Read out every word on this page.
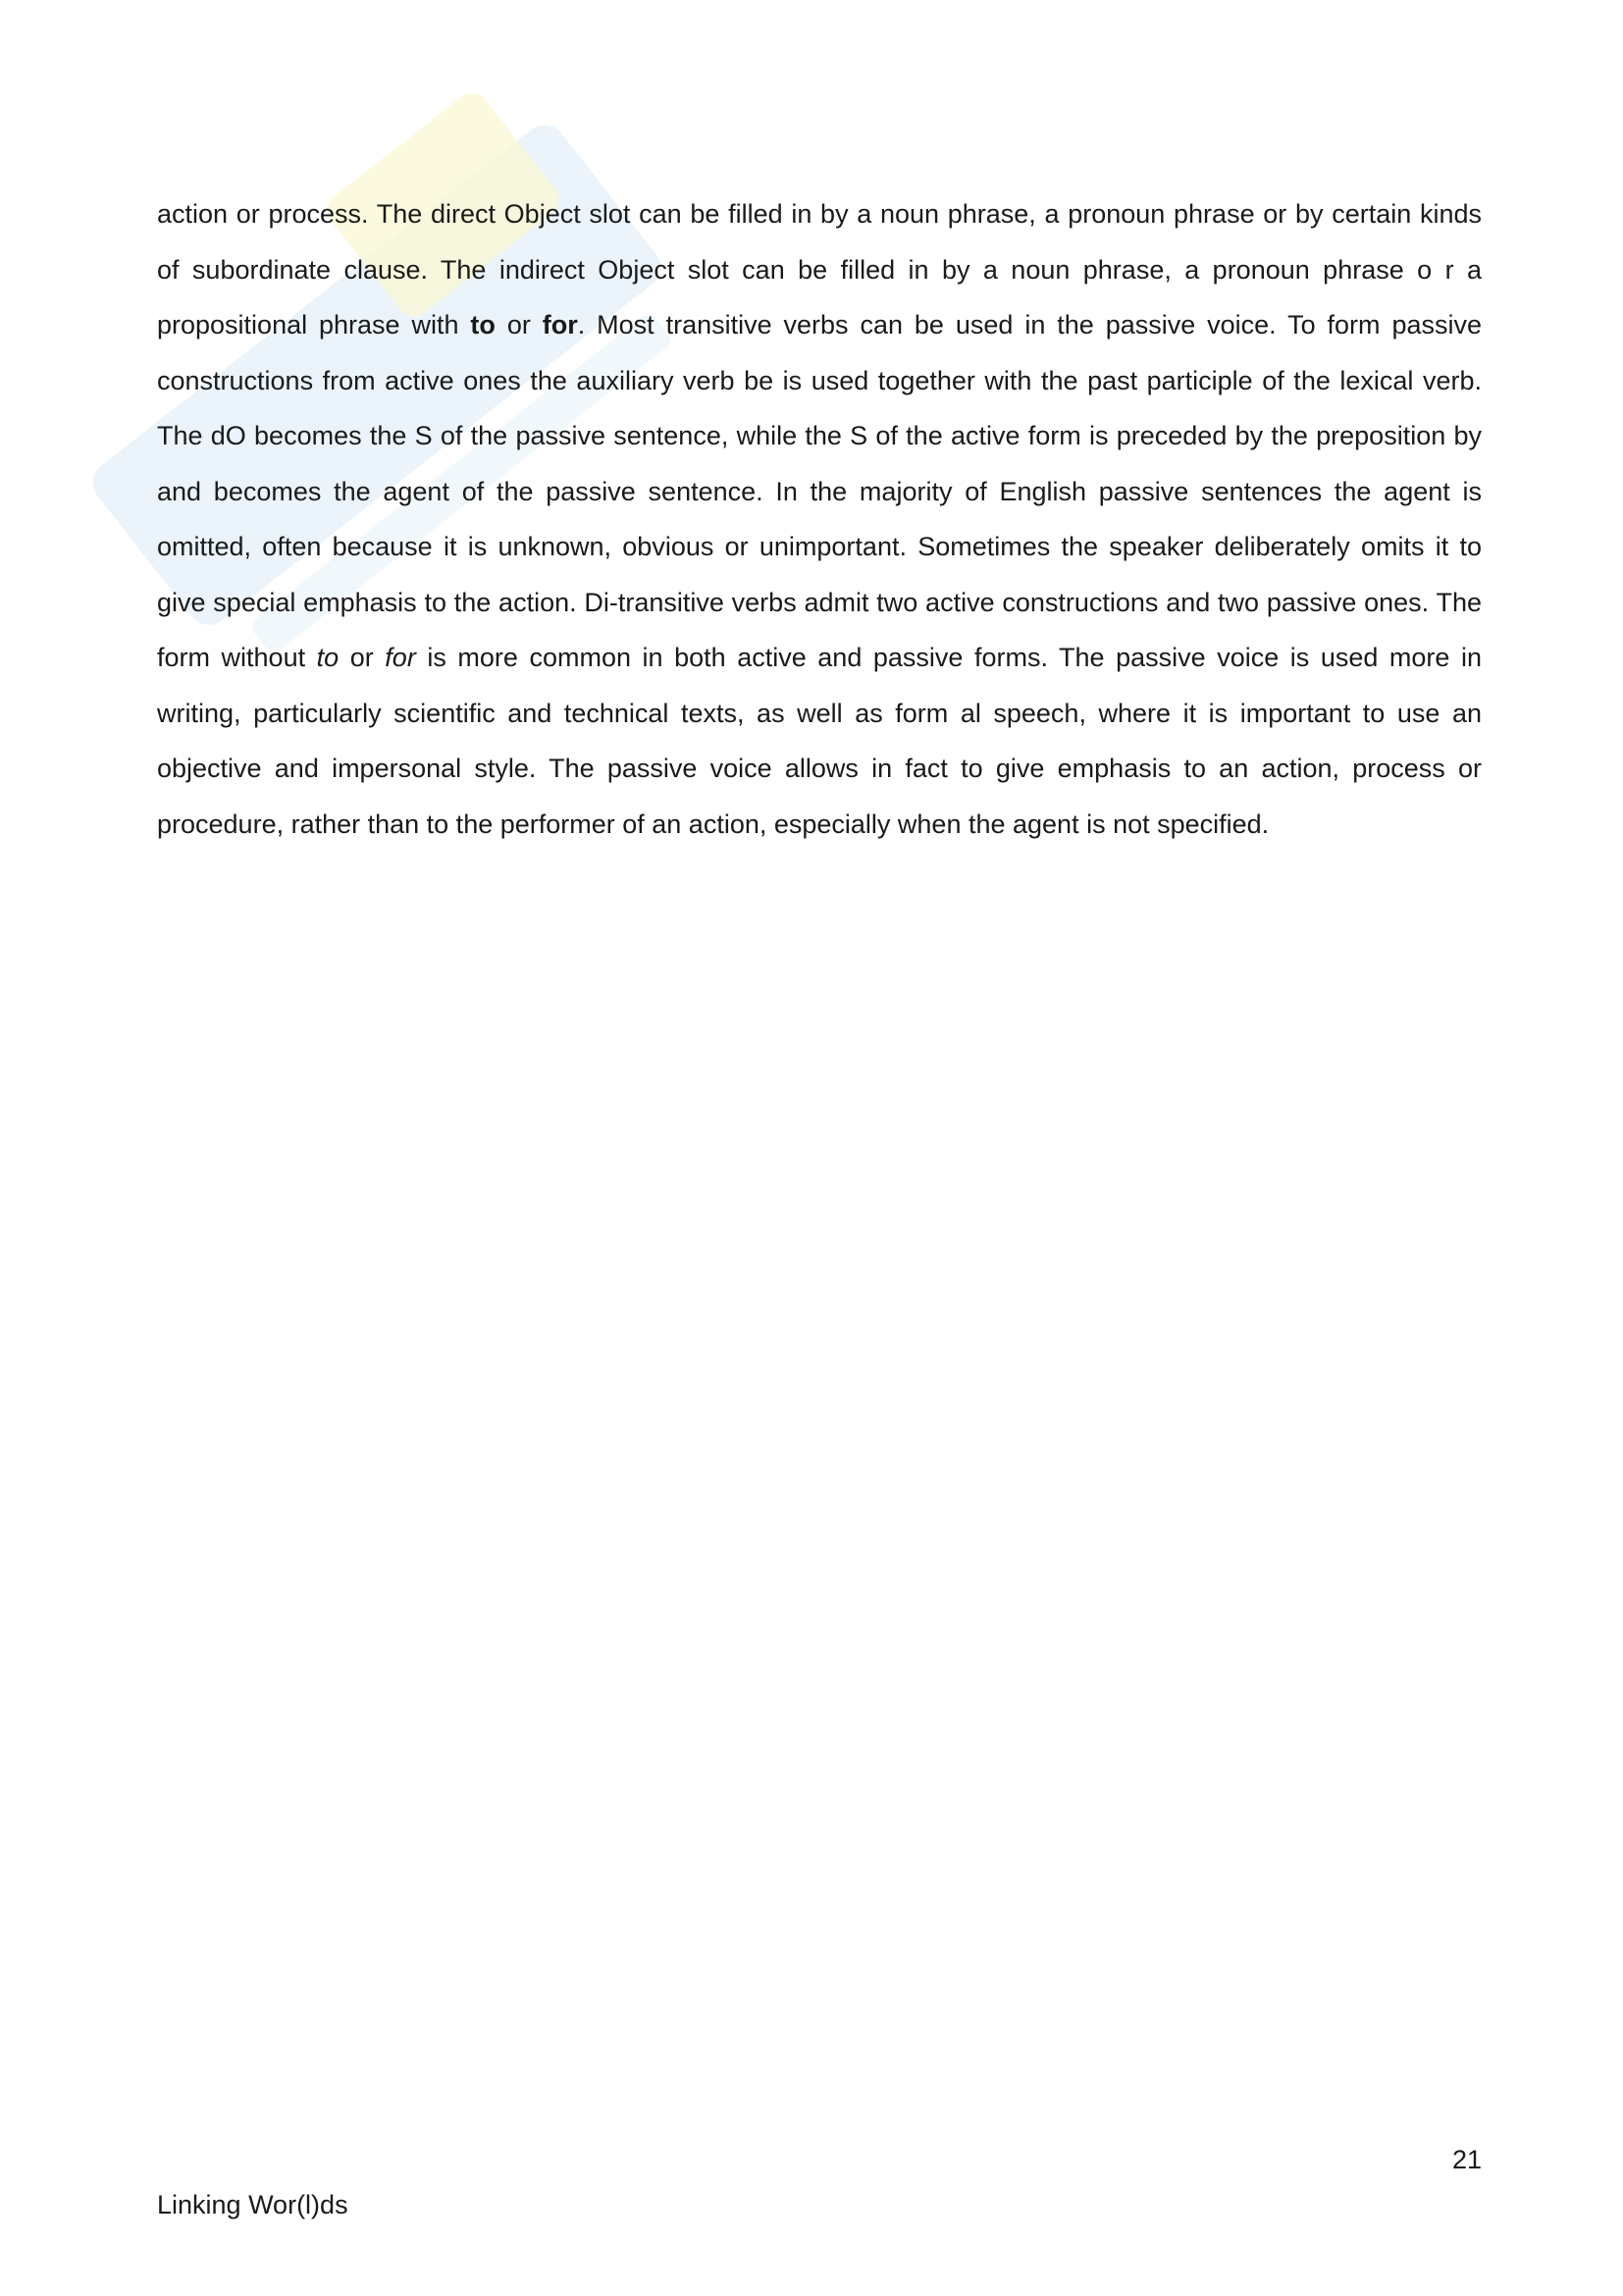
action or process. The direct Object slot can be filled in by a noun phrase, a pronoun phrase or by certain kinds of subordinate clause. The indirect Object slot can be filled in by a noun phrase, a pronoun phrase o r a propositional phrase with to or for. Most transitive verbs can be used in the passive voice. To form passive constructions from active ones the auxiliary verb be is used together with the past participle of the lexical verb. The dO becomes the S of the passive sentence, while the S of the active form is preceded by the preposition by and becomes the agent of the passive sentence. In the majority of English passive sentences the agent is omitted, often because it is unknown, obvious or unimportant. Sometimes the speaker deliberately omits it to give special emphasis to the action. Di-transitive verbs admit two active constructions and two passive ones. The form without to or for is more common in both active and passive forms. The passive voice is used more in writing, particularly scientific and technical texts, as well as form al speech, where it is important to use an objective and impersonal style. The passive voice allows in fact to give emphasis to an action, process or procedure, rather than to the performer of an action, especially when the agent is not specified.

21
Linking Wor(l)ds
